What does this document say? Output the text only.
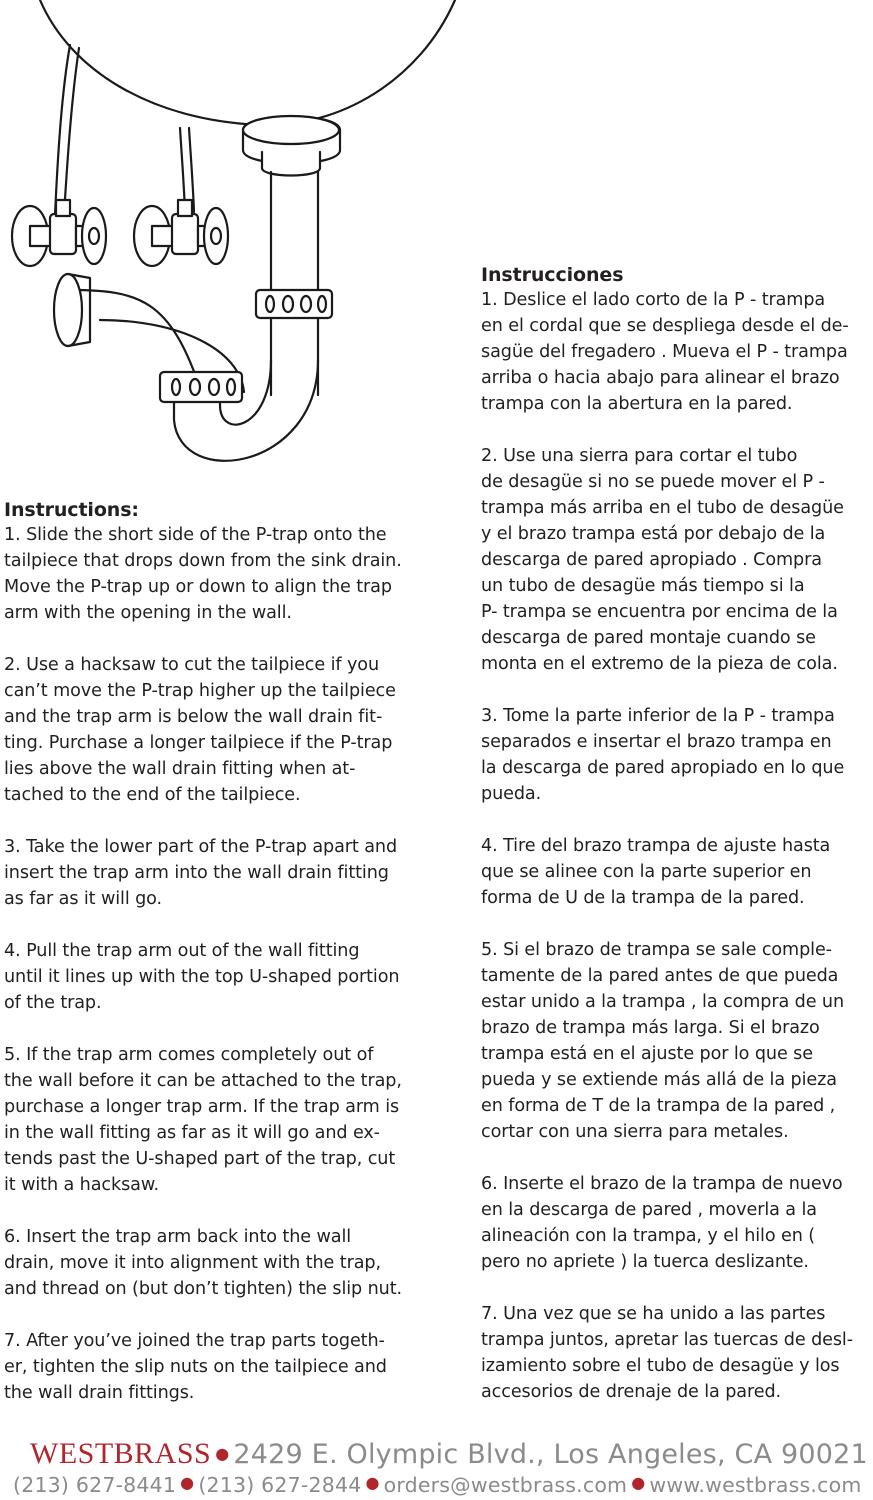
Instrucciones
1. Deslice el lado corto de la P - trampa
en el cordal que se despliega desde el de-
sagüe del fregadero . Mueva el P - trampa
arriba o hacia abajo para alinear el brazo
trampa con la abertura en la pared.
2. Use una sierra para cortar el tubo
de desagüe si no se puede mover el P -
trampa más arriba en el tubo de desagüe
y el brazo trampa está por debajo de la
descarga de pared apropiado . Compra
un tubo de desagüe más tiempo si la
P- trampa se encuentra por encima de la
descarga de pared montaje cuando se
monta en el extremo de la pieza de cola.
3. Tome la parte inferior de la P - trampa
separados e insertar el brazo trampa en
la descarga de pared apropiado en lo que
pueda.
4. Tire del brazo trampa de ajuste hasta
que se alinee con la parte superior en
forma de U de la trampa de la pared.
5. Si el brazo de trampa se sale comple-
tamente de la pared antes de que pueda
estar unido a la trampa , la compra de un
brazo de trampa más larga. Si el brazo
trampa está en el ajuste por lo que se
pueda y se extiende más allá de la pieza
en forma de T de la trampa de la pared ,
cortar con una sierra para metales.
6. Inserte el brazo de la trampa de nuevo
en la descarga de pared , moverla a la
alineación con la trampa, y el hilo en (
pero no apriete ) la tuerca deslizante.
7. Una vez que se ha unido a las partes
trampa juntos, apretar las tuercas de desl-
izamiento sobre el tubo de desagüe y los
accesorios de drenaje de la pared.
Instructions:
1. Slide the short side of the P-trap onto the
tailpiece that drops down from the sink drain.
Move the P-trap up or down to align the trap
arm with the opening in the wall.
2. Use a hacksaw to cut the tailpiece if you
can’t move the P-trap higher up the tailpiece
and the trap arm is below the wall drain fit-
ting. Purchase a longer tailpiece if the P-trap
lies above the wall drain fitting when at-
tached to the end of the tailpiece.
3. Take the lower part of the P-trap apart and
insert the trap arm into the wall drain fitting
as far as it will go.
4. Pull the trap arm out of the wall fitting
until it lines up with the top U-shaped portion
of the trap.
5. If the trap arm comes completely out of
the wall before it can be attached to the trap,
purchase a longer trap arm. If the trap arm is
in the wall fitting as far as it will go and ex-
tends past the U-shaped part of the trap, cut
it with a hacksaw.
6. Insert the trap arm back into the wall
drain, move it into alignment with the trap,
and thread on (but don’t tighten) the slip nut.
7. After you’ve joined the trap parts togeth-
er, tighten the slip nuts on the tailpiece and
the wall drain fittings.
WESTBRASS ● 2429 E. Olympic Blvd., Los Angeles, CA 90021
(213) 627-8441 ● (213) 627-2844 ● orders@westbrass.com ● www.westbrass.com
